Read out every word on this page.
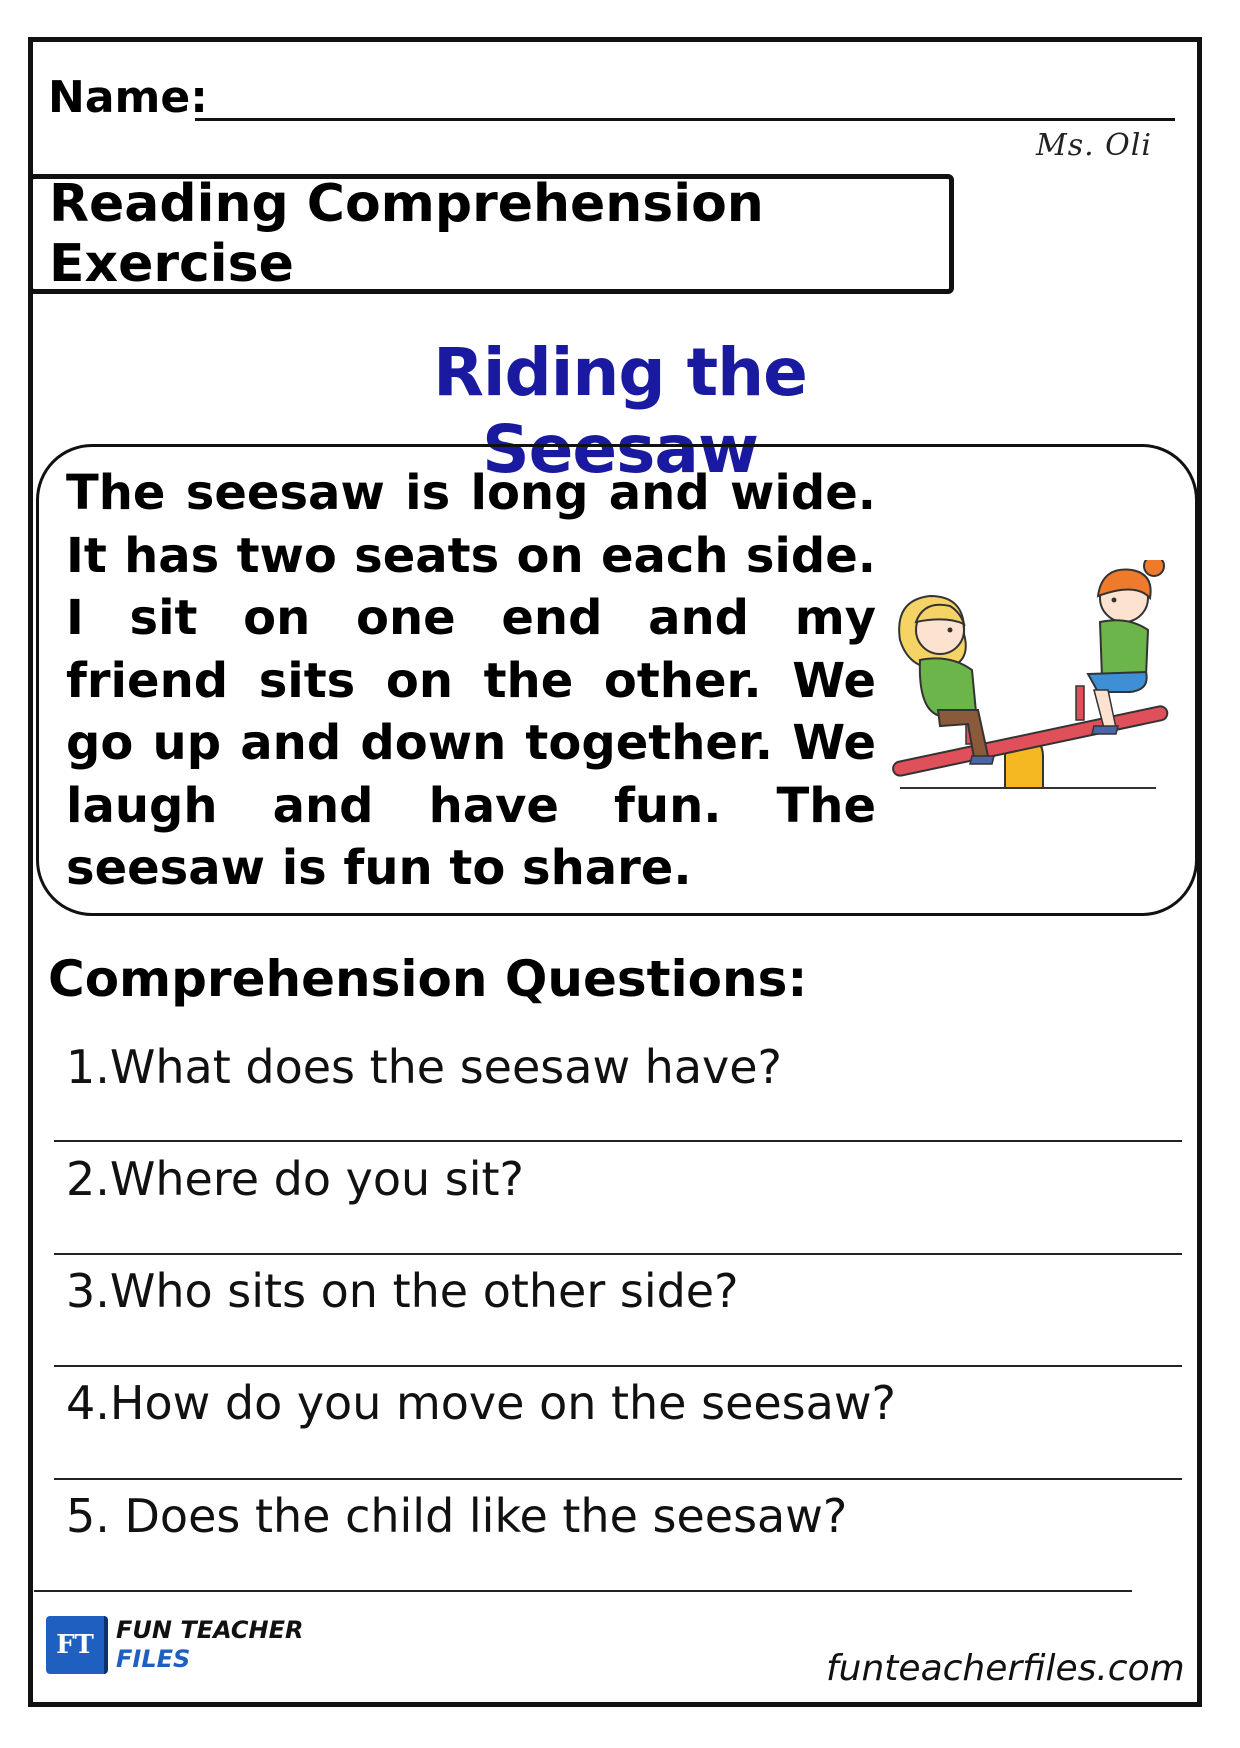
Name:
Ms. Oli
Reading Comprehension Exercise
Riding the Seesaw
The seesaw is long and wide. It has two seats on each side. I sit on one end and my friend sits on the other. We go up and down together. We laugh and have fun. The seesaw is fun to share.
Comprehension Questions:
1.What does the seesaw have?
2.Where do you sit?
3.Who sits on the other side?
4.How do you move on the seesaw?
5. Does the child like the seesaw?
FT FUN TEACHER
FILES	funteacherfiles.com
